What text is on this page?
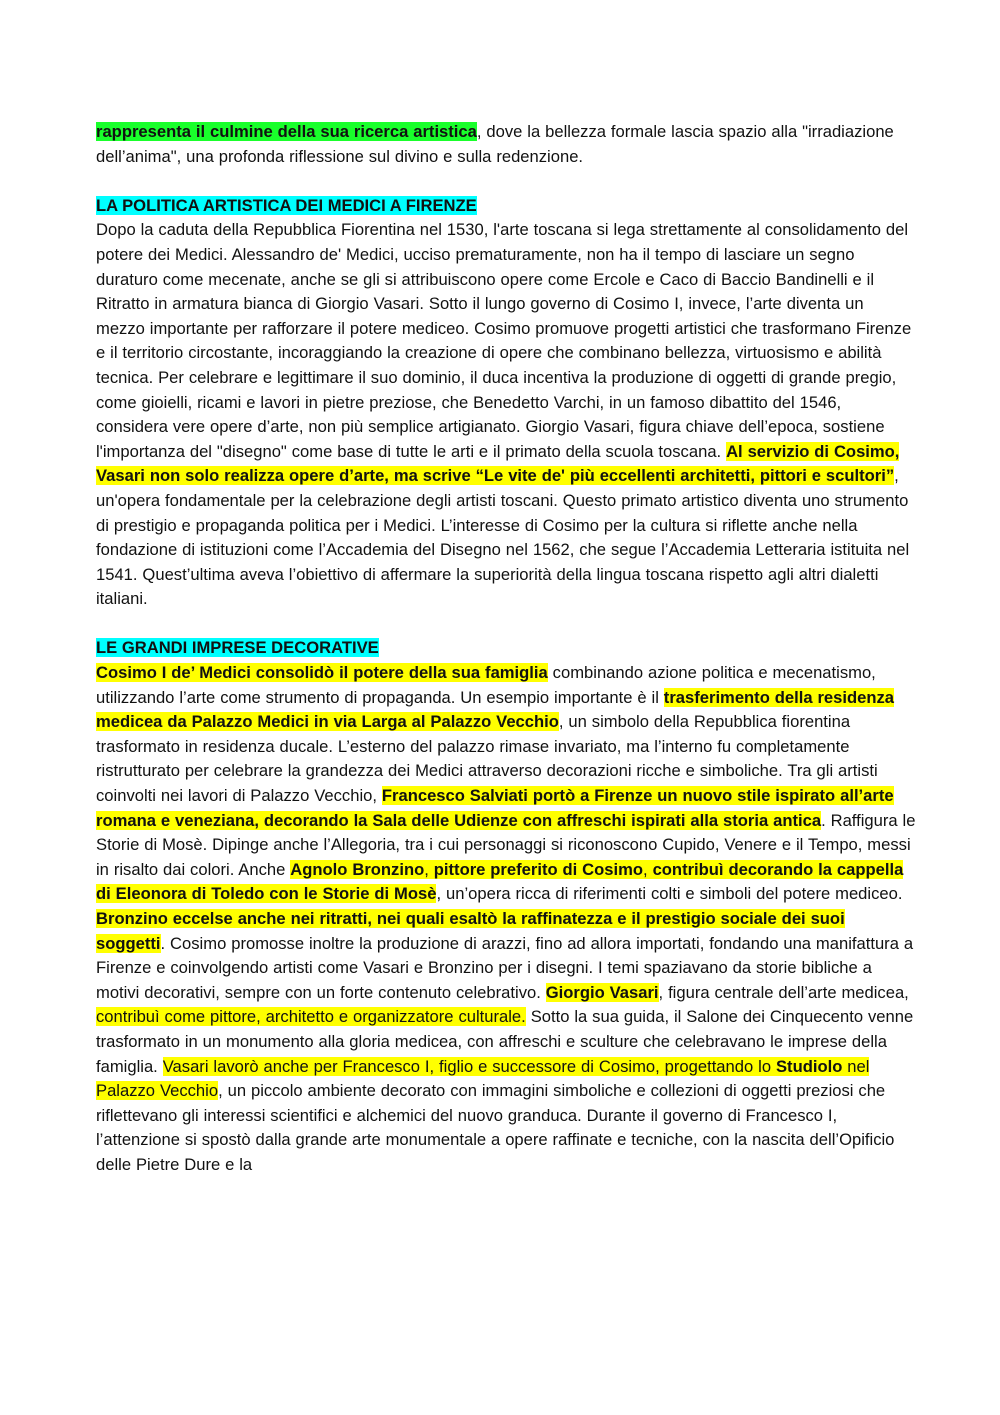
rappresenta il culmine della sua ricerca artistica, dove la bellezza formale lascia spazio alla "irradiazione dell’anima", una profonda riflessione sul divino e sulla redenzione.

LA POLITICA ARTISTICA DEI MEDICI A FIRENZE

Dopo la caduta della Repubblica Fiorentina nel 1530, l'arte toscana si lega strettamente al consolidamento del potere dei Medici. Alessandro de' Medici, ucciso prematuramente, non ha il tempo di lasciare un segno duraturo come mecenate, anche se gli si attribuiscono opere come Ercole e Caco di Baccio Bandinelli e il Ritratto in armatura bianca di Giorgio Vasari. Sotto il lungo governo di Cosimo I, invece, l’arte diventa un mezzo importante per rafforzare il potere mediceo. Cosimo promuove progetti artistici che trasformano Firenze e il territorio circostante, incoraggiando la creazione di opere che combinano bellezza, virtuosismo e abilità tecnica. Per celebrare e legittimare il suo dominio, il duca incentiva la produzione di oggetti di grande pregio, come gioielli, ricami e lavori in pietre preziose, che Benedetto Varchi, in un famoso dibattito del 1546, considera vere opere d’arte, non più semplice artigianato. Giorgio Vasari, figura chiave dell’epoca, sostiene l'importanza del "disegno" come base di tutte le arti e il primato della scuola toscana. Al servizio di Cosimo, Vasari non solo realizza opere d’arte, ma scrive “Le vite de' più eccellenti architetti, pittori e scultori”, un'opera fondamentale per la celebrazione degli artisti toscani. Questo primato artistico diventa uno strumento di prestigio e propaganda politica per i Medici. L’interesse di Cosimo per la cultura si riflette anche nella fondazione di istituzioni come l’Accademia del Disegno nel 1562, che segue l’Accademia Letteraria istituita nel 1541. Quest’ultima aveva l’obiettivo di affermare la superiorità della lingua toscana rispetto agli altri dialetti italiani.

LE GRANDI IMPRESE DECORATIVE

Cosimo I de’ Medici consolidò il potere della sua famiglia combinando azione politica e mecenatismo, utilizzando l’arte come strumento di propaganda. Un esempio importante è il trasferimento della residenza medicea da Palazzo Medici in via Larga al Palazzo Vecchio, un simbolo della Repubblica fiorentina trasformato in residenza ducale. L’esterno del palazzo rimase invariato, ma l’interno fu completamente ristrutturato per celebrare la grandezza dei Medici attraverso decorazioni ricche e simboliche. Tra gli artisti coinvolti nei lavori di Palazzo Vecchio, Francesco Salviati portò a Firenze un nuovo stile ispirato all’arte romana e veneziana, decorando la Sala delle Udienze con affreschi ispirati alla storia antica. Raffigura le Storie di Mosè. Dipinge anche l’Allegoria, tra i cui personaggi si riconoscono Cupido, Venere e il Tempo, messi in risalto dai colori. Anche Agnolo Bronzino, pittore preferito di Cosimo, contribuì decorando la cappella di Eleonora di Toledo con le Storie di Mosè, un’opera ricca di riferimenti colti e simboli del potere mediceo. Bronzino eccelse anche nei ritratti, nei quali esaltò la raffinatezza e il prestigio sociale dei suoi soggetti. Cosimo promosse inoltre la produzione di arazzi, fino ad allora importati, fondando una manifattura a Firenze e coinvolgendo artisti come Vasari e Bronzino per i disegni. I temi spaziavano da storie bibliche a motivi decorativi, sempre con un forte contenuto celebrativo. Giorgio Vasari, figura centrale dell’arte medicea, contribuì come pittore, architetto e organizzatore culturale. Sotto la sua guida, il Salone dei Cinquecento venne trasformato in un monumento alla gloria medicea, con affreschi e sculture che celebravano le imprese della famiglia. Vasari lavorò anche per Francesco I, figlio e successore di Cosimo, progettando lo Studiolo nel Palazzo Vecchio, un piccolo ambiente decorato con immagini simboliche e collezioni di oggetti preziosi che riflettevano gli interessi scientifici e alchemici del nuovo granduca. Durante il governo di Francesco I, l’attenzione si spostò dalla grande arte monumentale a opere raffinate e tecniche, con la nascita dell’Opificio delle Pietre Dure e la
